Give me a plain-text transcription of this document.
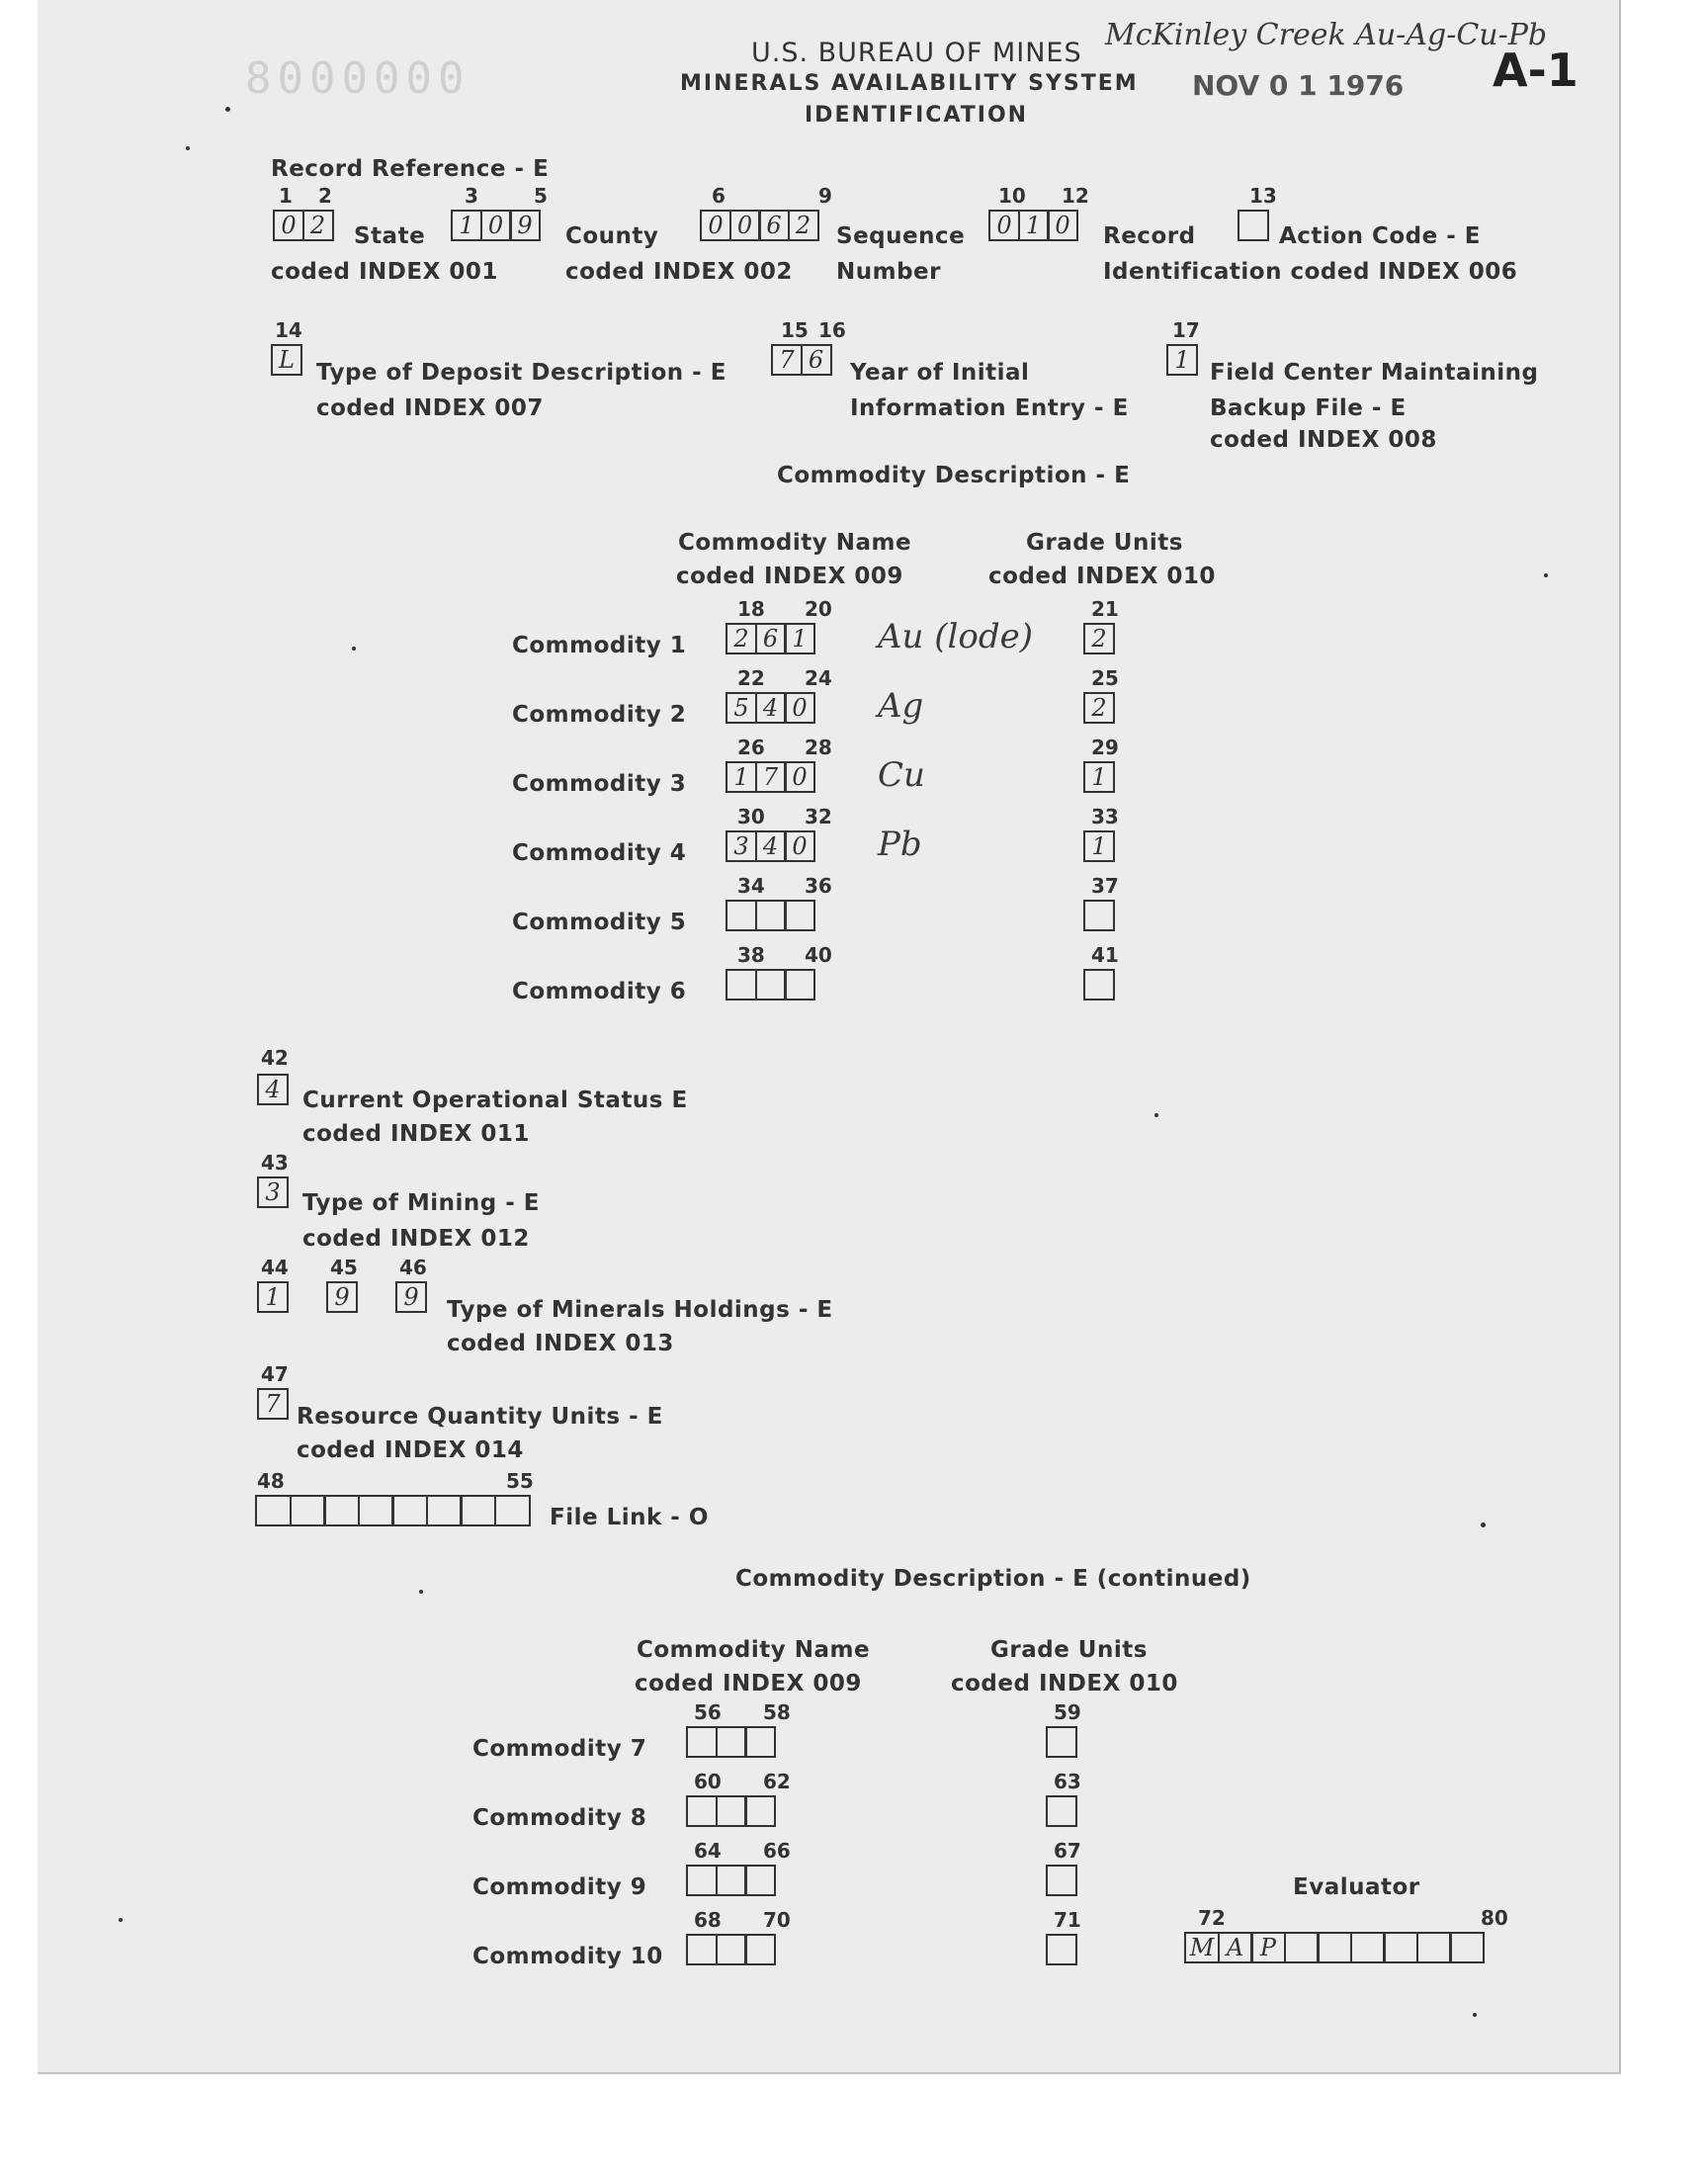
8000000
U.S. BUREAU OF MINES
MINERALS AVAILABILITY SYSTEM
IDENTIFICATION
NOV 0 1 1976
McKinley Creek Au-Ag-Cu-Pb
A-1
Record Reference - E
1 2
0 2	State
coded INDEX 001
3	5
1 0 9	County
coded INDEX 002
6	9
0 0 6 2	Sequence
Number
10 12
0 1 0	Record
Identification coded INDEX 006
13
Action Code - E
14
L Type of Deposit Description - E
coded INDEX 007
15 16
7 6	Year of Initial
Information Entry - E
17
1 Field Center Maintaining
Backup File - E
coded INDEX 008
Commodity Description - E
Commodity Name
coded INDEX 009
Grade Units
coded INDEX 010
Commodity 1
18 20
2 6 1 Au (lode)
21
2
Commodity 2
22 24
5 4 0 Ag
25
2
Commodity 3
26 28
1 7 0 Cu
29
1
Commodity 4
30 32
3 4 0 Pb
33
1
Commodity 5
34 36	37
Commodity 6
38 40	41
42
4 Current Operational Status E
coded INDEX 011
43
3 Type of Mining - E
coded INDEX 012
44 45 46
1	9	9	Type of Minerals Holdings - E
coded INDEX 013
47
7 Resource Quantity Units - E
coded INDEX 014
48	55
File Link - O
Commodity Description - E (continued)
Commodity Name
coded INDEX 009
Grade Units
coded INDEX 010
Commodity 7
56 58	59
Commodity 8
60 62	63
Commodity 9
64 66	67
Commodity 10
68 70	71
Evaluator
72	80
M A P
